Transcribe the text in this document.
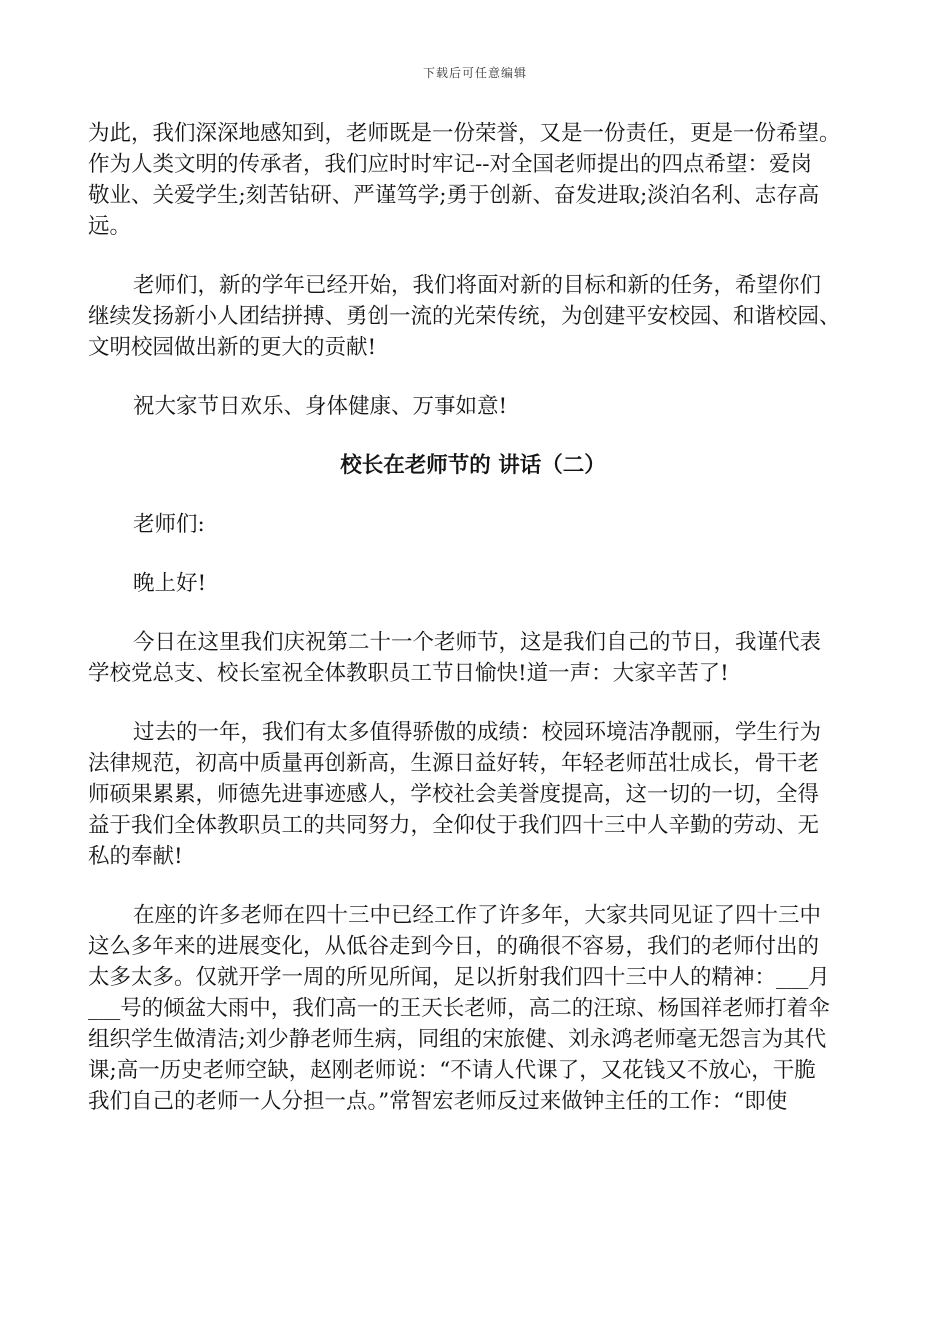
下载后可任意编辑

为此，我们深深地感知到，老师既是一份荣誉，又是一份责任，更是一份希望。
作为人类文明的传承者，我们应时时牢记--对全国老师提出的四点希望：爱岗
敬业、关爱学生;刻苦钻研、严谨笃学;勇于创新、奋发进取;淡泊名利、志存高
远。

老师们，新的学年已经开始，我们将面对新的目标和新的任务，希望你们
继续发扬新小人团结拼搏、勇创一流的光荣传统，为创建平安校园、和谐校园、
文明校园做出新的更大的贡献!

祝大家节日欢乐、身体健康、万事如意!

校长在老师节的 讲话（二）

老师们:

晚上好!

今日在这里我们庆祝第二十一个老师节，这是我们自己的节日，我谨代表
学校党总支、校长室祝全体教职员工节日愉快!道一声：大家辛苦了!

过去的一年，我们有太多值得骄傲的成绩：校园环境洁净靓丽，学生行为
法律规范，初高中质量再创新高，生源日益好转，年轻老师茁壮成长，骨干老
师硕果累累，师德先进事迹感人，学校社会美誉度提高，这一切的一切，全得
益于我们全体教职员工的共同努力，全仰仗于我们四十三中人辛勤的劳动、无
私的奉献!

在座的许多老师在四十三中已经工作了许多年，大家共同见证了四十三中
这么多年来的进展变化，从低谷走到今日，的确很不容易，我们的老师付出的
太多太多。仅就开学一周的所见所闻，足以折射我们四十三中人的精神：___月
___号的倾盆大雨中，我们高一的王天长老师，高二的汪琼、杨国祥老师打着伞
组织学生做清洁;刘少静老师生病，同组的宋旅健、刘永鸿老师毫无怨言为其代
课;高一历史老师空缺，赵刚老师说：“不请人代课了，又花钱又不放心，干脆
我们自己的老师一人分担一点。”常智宏老师反过来做钟主任的工作：“即使
